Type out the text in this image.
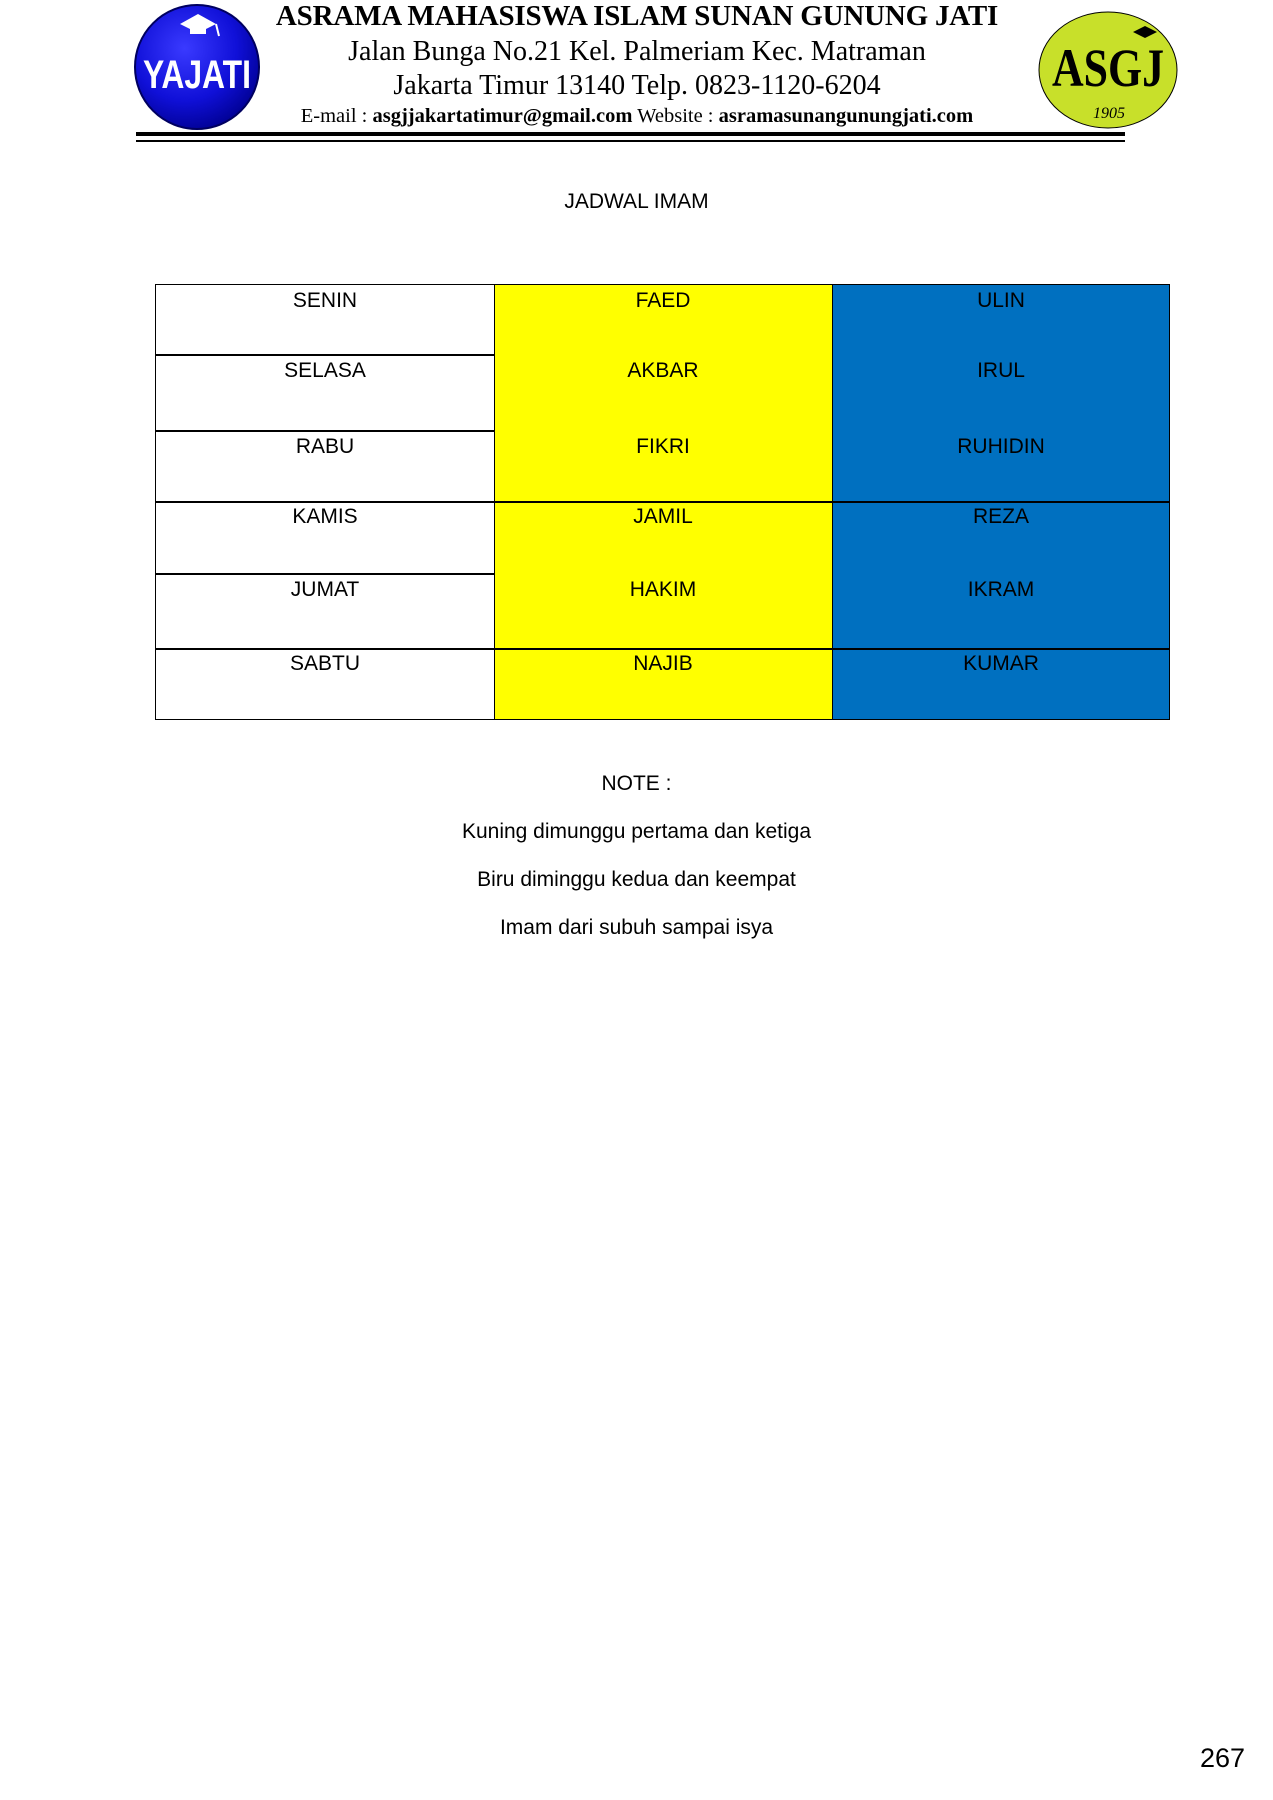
YAJATI
ASRAMA MAHASISWA ISLAM SUNAN GUNUNG JATI
Jalan Bunga No.21 Kel. Palmeriam Kec. Matraman
Jakarta Timur 13140 Telp. 0823-1120-6204
E-mail : asgjjakartatimur@gmail.com Website : asramasunangunungjati.com
ASGJ
1905
JADWAL IMAM
SENIN	FAED	ULIN
SELASA	AKBAR	IRUL
RABU	FIKRI	RUHIDIN
KAMIS	JAMIL	REZA
JUMAT	HAKIM	IKRAM
SABTU	NAJIB	KUMAR
NOTE :
Kuning dimunggu pertama dan ketiga
Biru diminggu kedua dan keempat
Imam dari subuh sampai isya
267
